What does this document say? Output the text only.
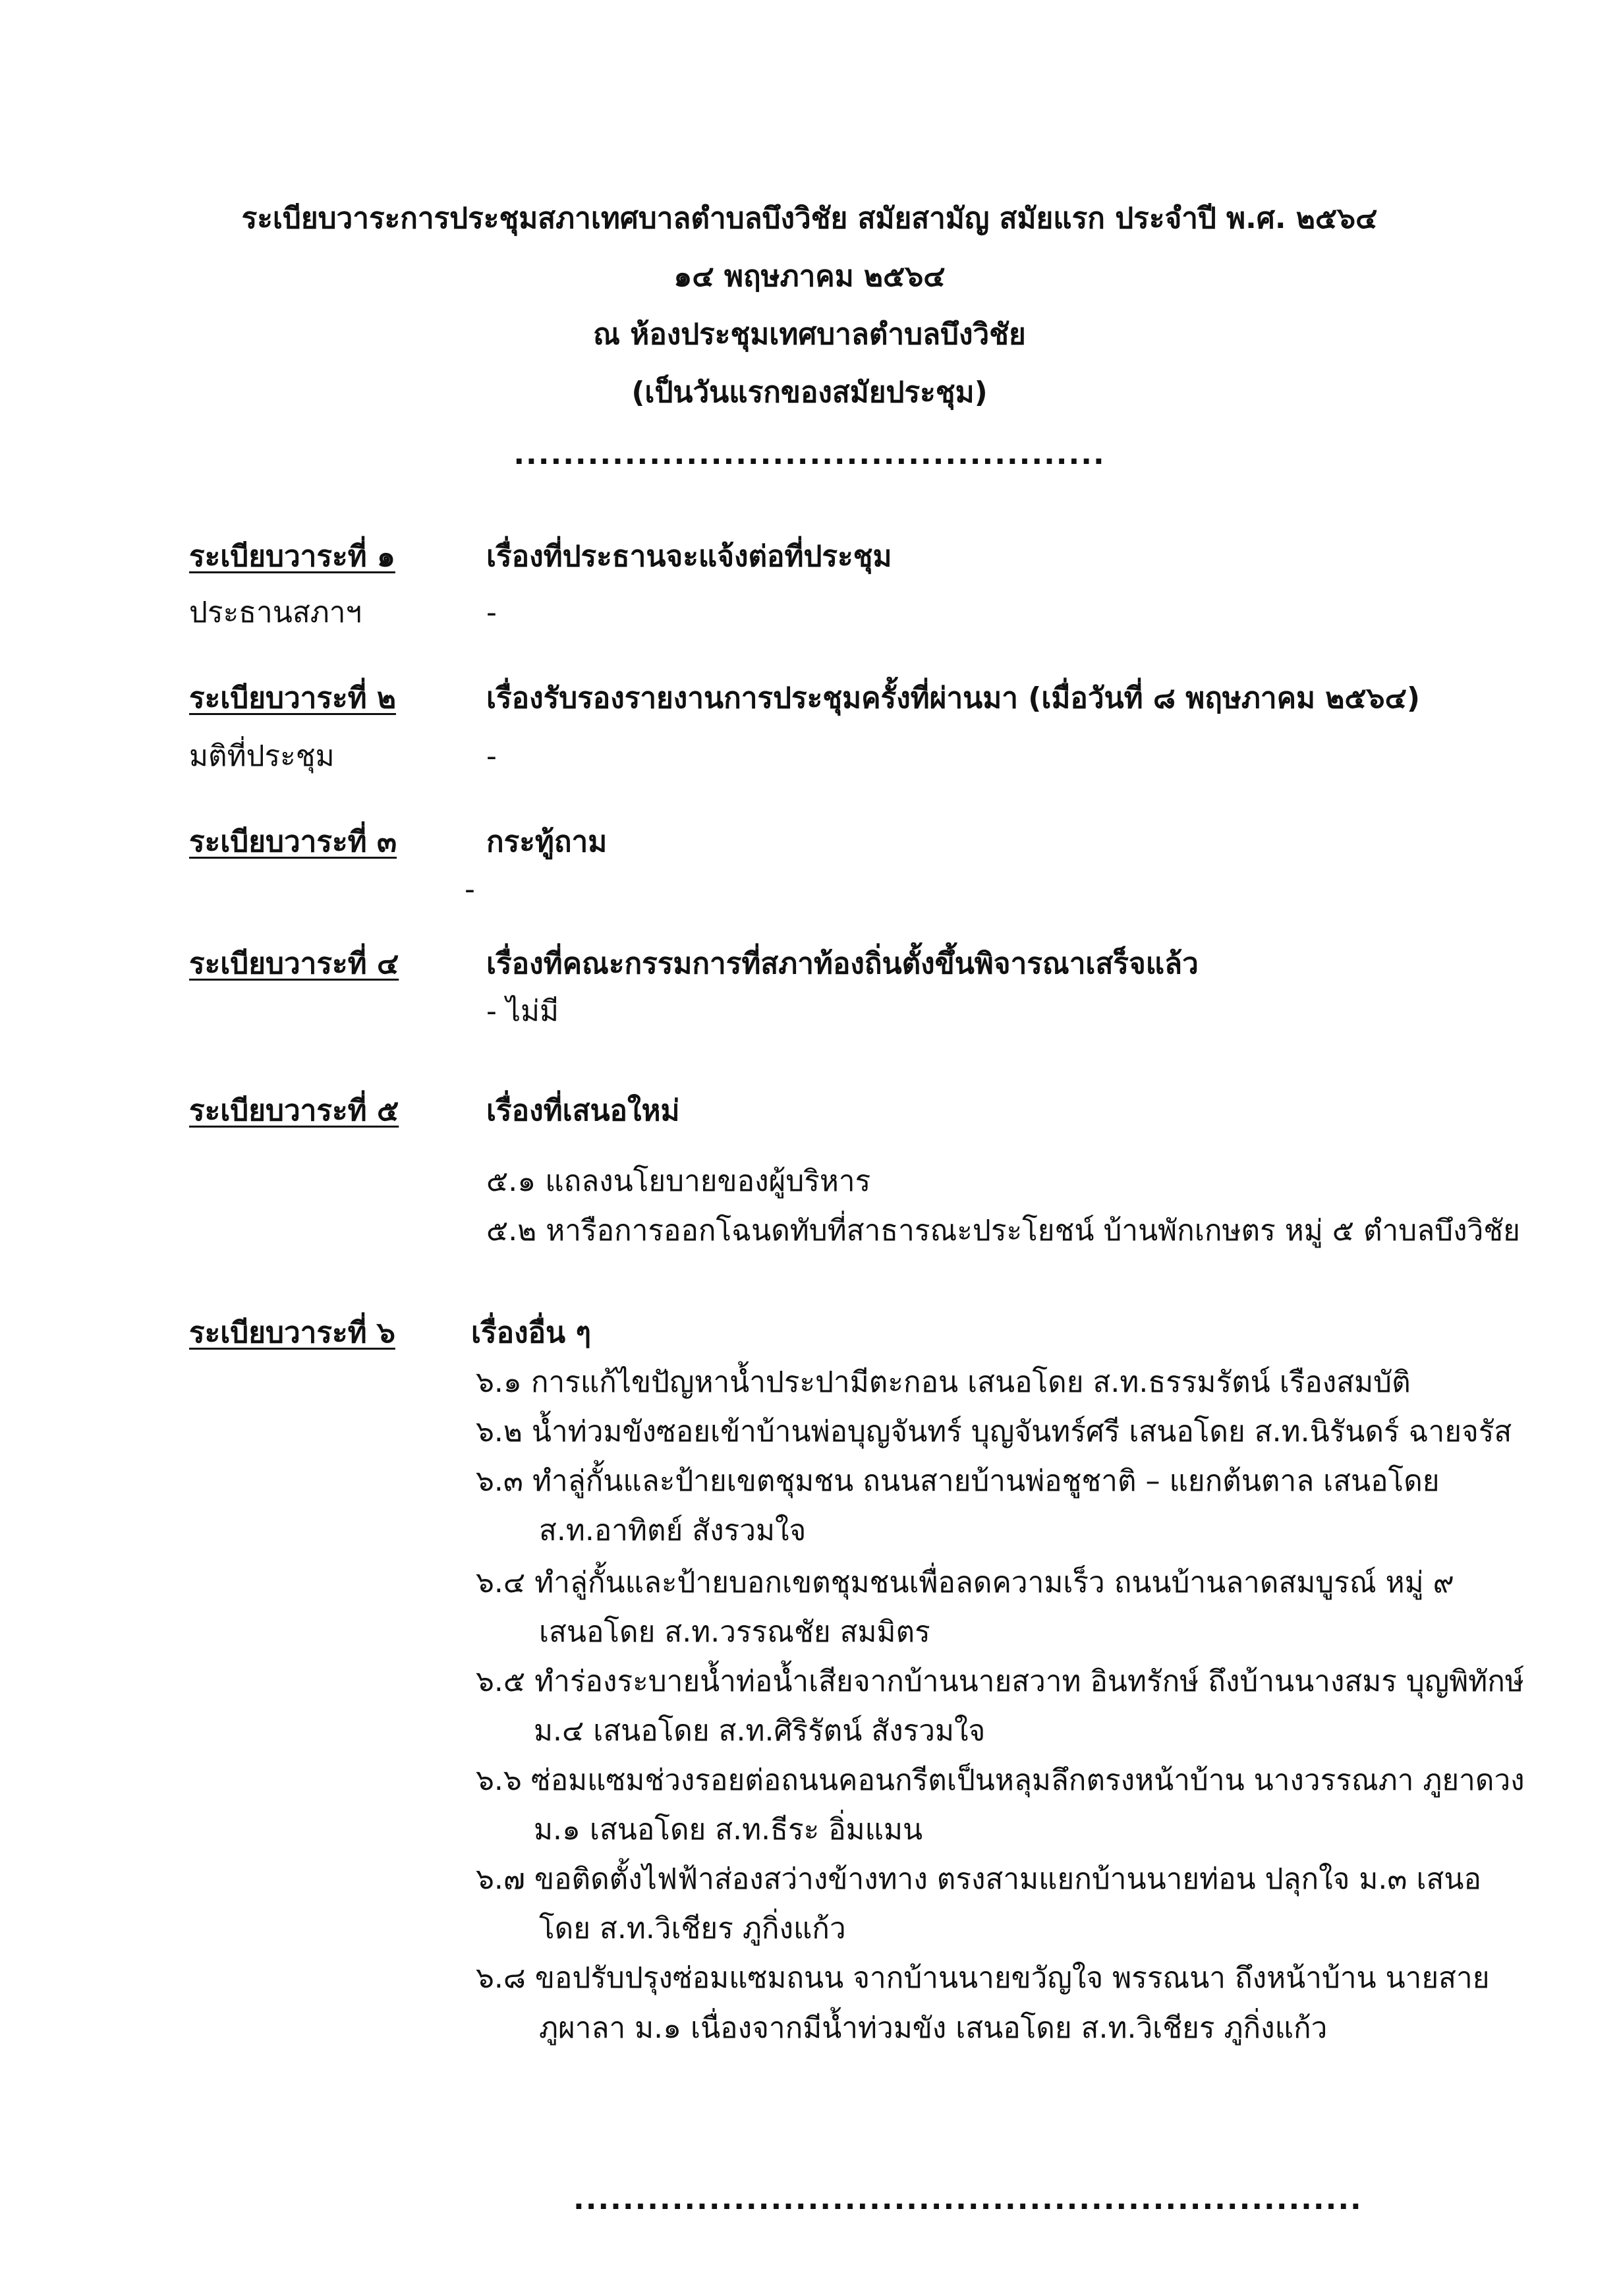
ระเบียบวาระการประชุมสภาเทศบาลตำบลบึงวิชัย สมัยสามัญ สมัยแรก ประจำปี พ.ศ. ๒๕๖๔
๑๔ พฤษภาคม ๒๕๖๔
ณ ห้องประชุมเทศบาลตำบลบึงวิชัย
(เป็นวันแรกของสมัยประชุม)
................................................
ระเบียบวาระที่ ๑	เรื่องที่ประธานจะแจ้งต่อที่ประชุม
ประธานสภาฯ	-
ระเบียบวาระที่ ๒	เรื่องรับรองรายงานการประชุมครั้งที่ผ่านมา (เมื่อวันที่ ๘ พฤษภาคม ๒๕๖๔)
มติที่ประชุม	-
ระเบียบวาระที่ ๓	กระทู้ถาม
-
ระเบียบวาระที่ ๔	เรื่องที่คณะกรรมการที่สภาท้องถิ่นตั้งขึ้นพิจารณาเสร็จแล้ว
- ไม่มี
ระเบียบวาระที่ ๕	เรื่องที่เสนอใหม่
๕.๑ แถลงนโยบายของผู้บริหาร
๕.๒ หารือการออกโฉนดทับที่สาธารณะประโยชน์ บ้านพักเกษตร หมู่ ๕ ตำบลบึงวิชัย
ระเบียบวาระที่ ๖	เรื่องอื่น ๆ
๖.๑ การแก้ไขปัญหาน้ำประปามีตะกอน เสนอโดย ส.ท.ธรรมรัตน์ เรืองสมบัติ
๖.๒ น้ำท่วมขังซอยเข้าบ้านพ่อบุญจันทร์ บุญจันทร์ศรี เสนอโดย ส.ท.นิรันดร์ ฉายจรัส
๖.๓ ทำลู่กั้นและป้ายเขตชุมชน ถนนสายบ้านพ่อชูชาติ – แยกต้นตาล เสนอโดย
ส.ท.อาทิตย์ สังรวมใจ
๖.๔ ทำลู่กั้นและป้ายบอกเขตชุมชนเพื่อลดความเร็ว ถนนบ้านลาดสมบูรณ์ หมู่ ๙
เสนอโดย ส.ท.วรรณชัย สมมิตร
๖.๕ ทำร่องระบายน้ำท่อน้ำเสียจากบ้านนายสวาท อินทรักษ์ ถึงบ้านนางสมร บุญพิทักษ์
ม.๔ เสนอโดย ส.ท.ศิริรัตน์ สังรวมใจ
๖.๖ ซ่อมแซมช่วงรอยต่อถนนคอนกรีตเป็นหลุมลึกตรงหน้าบ้าน นางวรรณภา ภูยาดวง
ม.๑ เสนอโดย ส.ท.ธีระ อิ่มแมน
๖.๗ ขอติดตั้งไฟฟ้าส่องสว่างข้างทาง ตรงสามแยกบ้านนายท่อน ปลุกใจ ม.๓ เสนอ
โดย ส.ท.วิเชียร ภูกิ่งแก้ว
๖.๘ ขอปรับปรุงซ่อมแซมถนน จากบ้านนายขวัญใจ พรรณนา ถึงหน้าบ้าน นายสาย
ภูผาลา ม.๑ เนื่องจากมีน้ำท่วมขัง เสนอโดย ส.ท.วิเชียร ภูกิ่งแก้ว
................................................................
